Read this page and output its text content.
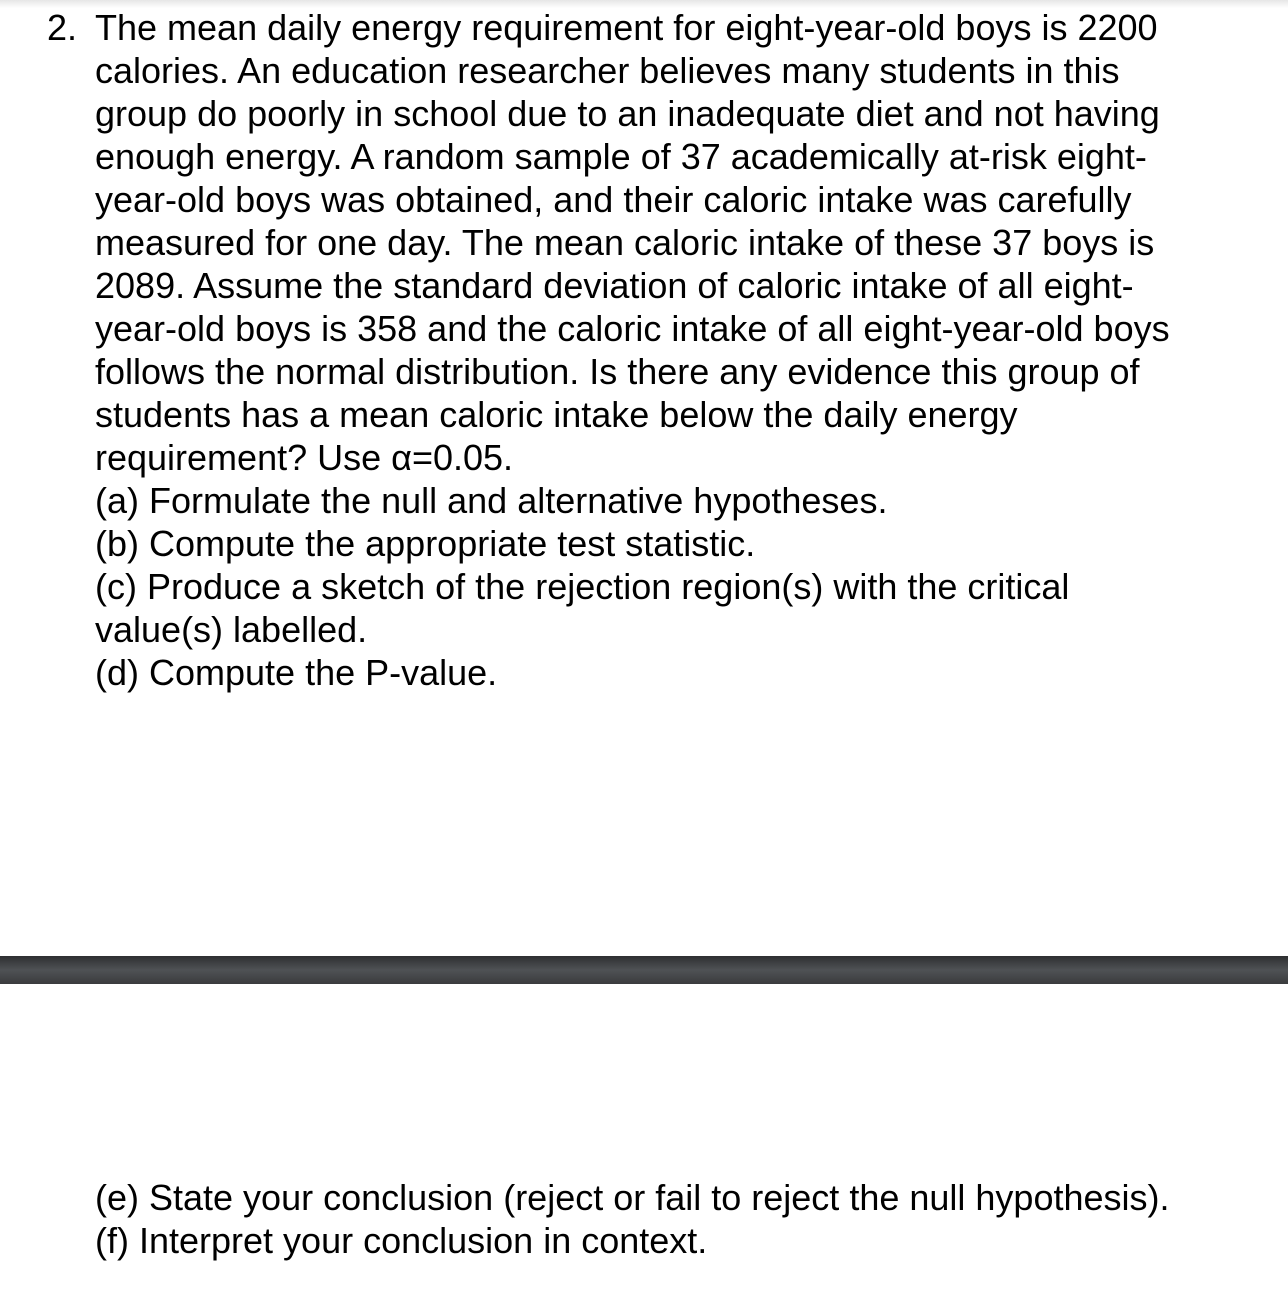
2. The mean daily energy requirement for eight-year-old boys is 2200
calories. An education researcher believes many students in this
group do poorly in school due to an inadequate diet and not having
enough energy. A random sample of 37 academically at-risk eight-
year-old boys was obtained, and their caloric intake was carefully
measured for one day. The mean caloric intake of these 37 boys is
2089. Assume the standard deviation of caloric intake of all eight-
year-old boys is 358 and the caloric intake of all eight-year-old boys
follows the normal distribution. Is there any evidence this group of
students has a mean caloric intake below the daily energy
requirement? Use α=0.05.
(a) Formulate the null and alternative hypotheses.
(b) Compute the appropriate test statistic.
(c) Produce a sketch of the rejection region(s) with the critical
value(s) labelled.
(d) Compute the P-value.
(e) State your conclusion (reject or fail to reject the null hypothesis).
(f) Interpret your conclusion in context.
